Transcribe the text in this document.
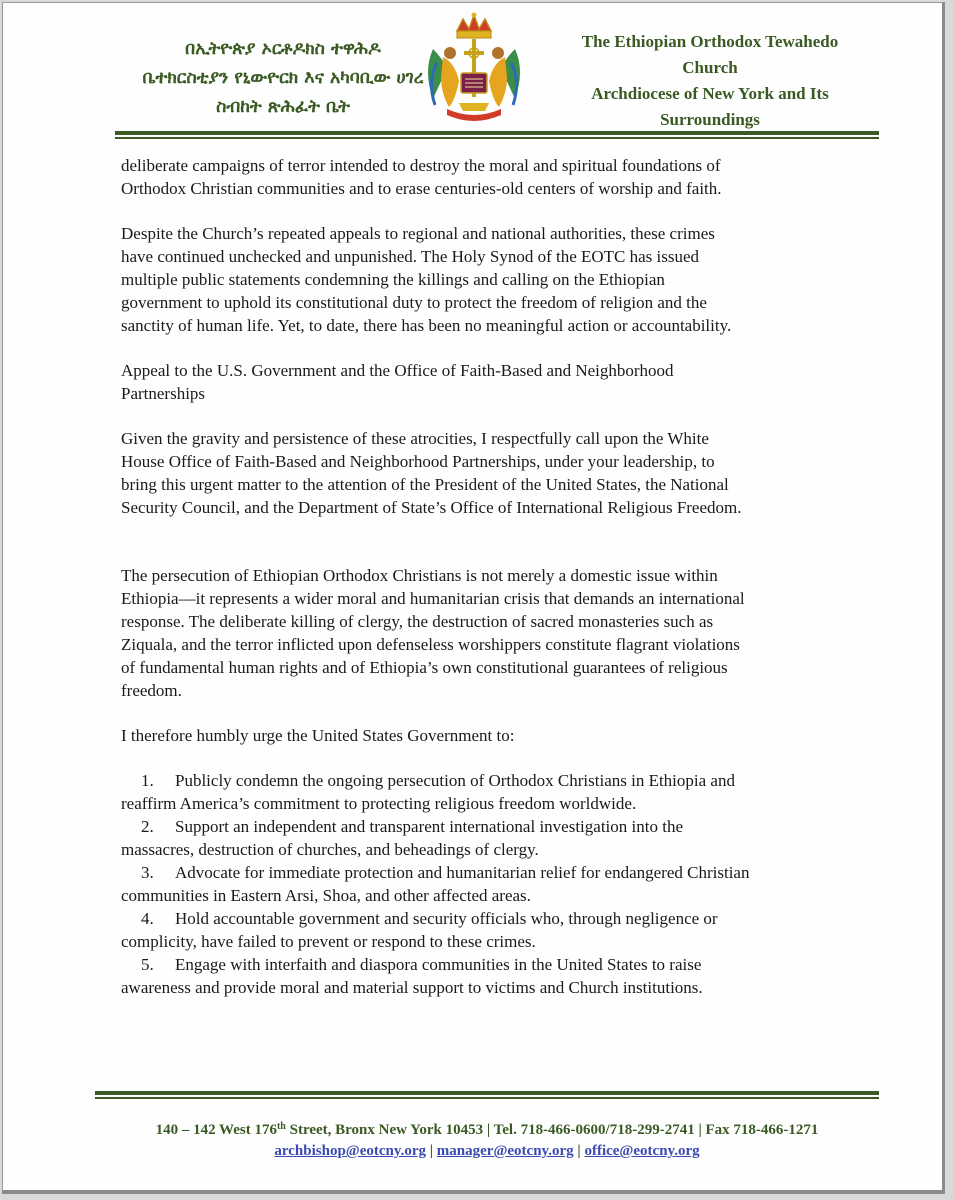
በኢትዮጵያ ኦርቶዶክስ ተዋሕዶ
ቤተክርስቲያን የኒውዮርክ እና አካባቢው ሀገረ
ስብከት ጽሕፈት ቤት
The Ethiopian Orthodox Tewahedo
Church
Archdiocese of New York and Its
Surroundings

deliberate campaigns of terror intended to destroy the moral and spiritual foundations of
Orthodox Christian communities and to erase centuries-old centers of worship and faith.

Despite the Church’s repeated appeals to regional and national authorities, these crimes
have continued unchecked and unpunished. The Holy Synod of the EOTC has issued
multiple public statements condemning the killings and calling on the Ethiopian
government to uphold its constitutional duty to protect the freedom of religion and the
sanctity of human life. Yet, to date, there has been no meaningful action or accountability.

Appeal to the U.S. Government and the Office of Faith-Based and Neighborhood
Partnerships

Given the gravity and persistence of these atrocities, I respectfully call upon the White
House Office of Faith-Based and Neighborhood Partnerships, under your leadership, to
bring this urgent matter to the attention of the President of the United States, the National
Security Council, and the Department of State’s Office of International Religious Freedom.

The persecution of Ethiopian Orthodox Christians is not merely a domestic issue within
Ethiopia—it represents a wider moral and humanitarian crisis that demands an international
response. The deliberate killing of clergy, the destruction of sacred monasteries such as
Ziquala, and the terror inflicted upon defenseless worshippers constitute flagrant violations
of fundamental human rights and of Ethiopia’s own constitutional guarantees of religious
freedom.

I therefore humbly urge the United States Government to:

1. Publicly condemn the ongoing persecution of Orthodox Christians in Ethiopia and
reaffirm America’s commitment to protecting religious freedom worldwide.
2. Support an independent and transparent international investigation into the
massacres, destruction of churches, and beheadings of clergy.
3. Advocate for immediate protection and humanitarian relief for endangered Christian
communities in Eastern Arsi, Shoa, and other affected areas.
4. Hold accountable government and security officials who, through negligence or
complicity, have failed to prevent or respond to these crimes.
5. Engage with interfaith and diaspora communities in the United States to raise
awareness and provide moral and material support to victims and Church institutions.
140 – 142 West 176th Street, Bronx New York 10453 | Tel. 718-466-0600/718-299-2741 | Fax 718-466-1271
archbishop@eotcny.org | manager@eotcny.org | office@eotcny.org
